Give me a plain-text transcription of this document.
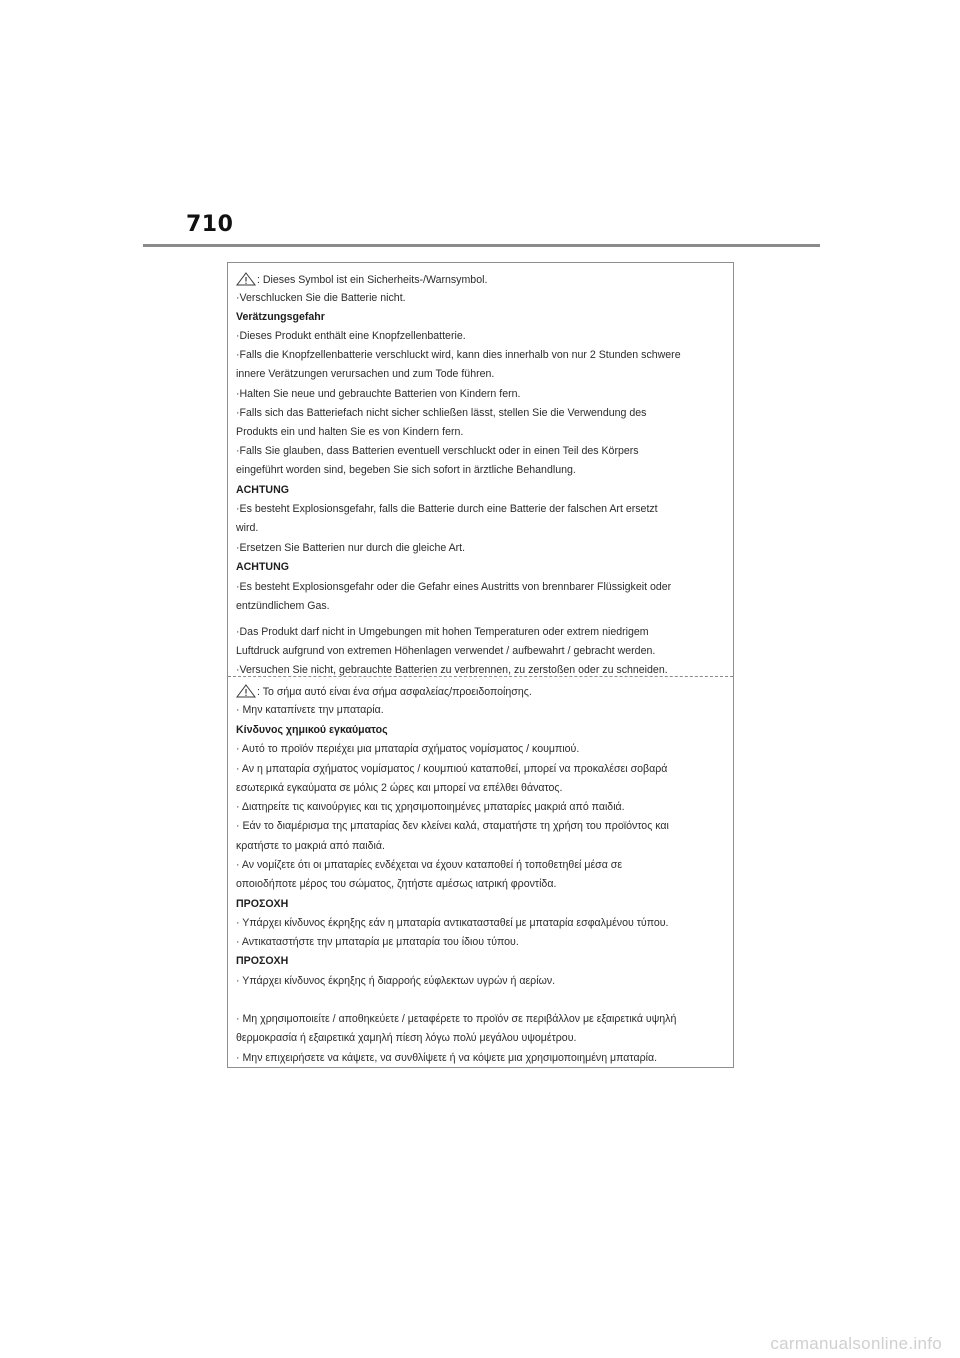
710
: Dieses Symbol ist ein Sicherheits-/Warnsymbol.
·Verschlucken Sie die Batterie nicht.
Verätzungsgefahr
·Dieses Produkt enthält eine Knopfzellenbatterie.
·Falls die Knopfzellenbatterie verschluckt wird, kann dies innerhalb von nur 2 Stunden schwere
innere Verätzungen verursachen und zum Tode führen.
·Halten Sie neue und gebrauchte Batterien von Kindern fern.
·Falls sich das Batteriefach nicht sicher schließen lässt, stellen Sie die Verwendung des
Produkts ein und halten Sie es von Kindern fern.
·Falls Sie glauben, dass Batterien eventuell verschluckt oder in einen Teil des Körpers
eingeführt worden sind, begeben Sie sich sofort in ärztliche Behandlung.
ACHTUNG
·Es besteht Explosionsgefahr, falls die Batterie durch eine Batterie der falschen Art ersetzt
wird.
·Ersetzen Sie Batterien nur durch die gleiche Art.
ACHTUNG
·Es besteht Explosionsgefahr oder die Gefahr eines Austritts von brennbarer Flüssigkeit oder
entzündlichem Gas.
·Das Produkt darf nicht in Umgebungen mit hohen Temperaturen oder extrem niedrigem
Luftdruck aufgrund von extremen Höhenlagen verwendet / aufbewahrt / gebracht werden.
·Versuchen Sie nicht, gebrauchte Batterien zu verbrennen, zu zerstoßen oder zu schneiden.
: Το σήμα αυτό είναι ένα σήμα ασφαλείας/προειδοποίησης.
· Μην καταπίνετε την μπαταρία.
Κίνδυνος χημικού εγκαύματος
· Αυτό το προϊόν περιέχει μια μπαταρία σχήματος νομίσματος / κουμπιού.
· Αν η μπαταρία σχήματος νομίσματος / κουμπιού καταποθεί, μπορεί να προκαλέσει σοβαρά
εσωτερικά εγκαύματα σε μόλις 2 ώρες και μπορεί να επέλθει θάνατος.
· Διατηρείτε τις καινούργιες και τις χρησιμοποιημένες μπαταρίες μακριά από παιδιά.
· Εάν το διαμέρισμα της μπαταρίας δεν κλείνει καλά, σταματήστε τη χρήση του προϊόντος και
κρατήστε το μακριά από παιδιά.
· Αν νομίζετε ότι οι μπαταρίες ενδέχεται να έχουν καταποθεί ή τοποθετηθεί μέσα σε
οποιοδήποτε μέρος του σώματος, ζητήστε αμέσως ιατρική φροντίδα.
ΠΡΟΣΟΧΗ
· Υπάρχει κίνδυνος έκρηξης εάν η μπαταρία αντικατασταθεί με μπαταρία εσφαλμένου τύπου.
· Αντικαταστήστε την μπαταρία με μπαταρία του ίδιου τύπου.
ΠΡΟΣΟΧΗ
· Υπάρχει κίνδυνος έκρηξης ή διαρροής εύφλεκτων υγρών ή αερίων.
· Μη χρησιμοποιείτε / αποθηκεύετε / μεταφέρετε το προϊόν σε περιβάλλον με εξαιρετικά υψηλή
θερμοκρασία ή εξαιρετικά χαμηλή πίεση λόγω πολύ μεγάλου υψομέτρου.
· Μην επιχειρήσετε να κάψετε, να συνθλίψετε ή να κόψετε μια χρησιμοποιημένη μπαταρία.
carmanualsonline.info
